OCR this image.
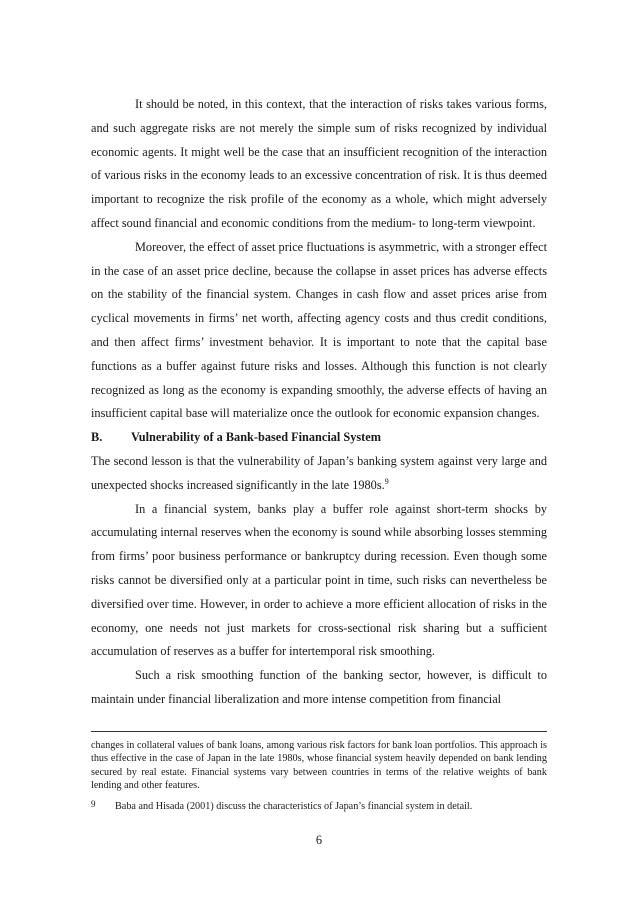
It should be noted, in this context, that the interaction of risks takes various forms, and such aggregate risks are not merely the simple sum of risks recognized by individual economic agents. It might well be the case that an insufficient recognition of the interaction of various risks in the economy leads to an excessive concentration of risk. It is thus deemed important to recognize the risk profile of the economy as a whole, which might adversely affect sound financial and economic conditions from the medium- to long-term viewpoint.

Moreover, the effect of asset price fluctuations is asymmetric, with a stronger effect in the case of an asset price decline, because the collapse in asset prices has adverse effects on the stability of the financial system. Changes in cash flow and asset prices arise from cyclical movements in firms’ net worth, affecting agency costs and thus credit conditions, and then affect firms’ investment behavior. It is important to note that the capital base functions as a buffer against future risks and losses. Although this function is not clearly recognized as long as the economy is expanding smoothly, the adverse effects of having an insufficient capital base will materialize once the outlook for economic expansion changes.

B. Vulnerability of a Bank-based Financial System

The second lesson is that the vulnerability of Japan’s banking system against very large and unexpected shocks increased significantly in the late 1980s.$^9$

In a financial system, banks play a buffer role against short-term shocks by accumulating internal reserves when the economy is sound while absorbing losses stemming from firms’ poor business performance or bankruptcy during recession. Even though some risks cannot be diversified only at a particular point in time, such risks can nevertheless be diversified over time. However, in order to achieve a more efficient allocation of risks in the economy, one needs not just markets for cross-sectional risk sharing but a sufficient accumulation of reserves as a buffer for intertemporal risk smoothing.

Such a risk smoothing function of the banking sector, however, is difficult to maintain under financial liberalization and more intense competition from financial

changes in collateral values of bank loans, among various risk factors for bank loan portfolios. This approach is thus effective in the case of Japan in the late 1980s, whose financial system heavily depended on bank lending secured by real estate. Financial systems vary between countries in terms of the relative weights of bank lending and other features.

9	Baba and Hisada (2001) discuss the characteristics of Japan’s financial system in detail.

6
